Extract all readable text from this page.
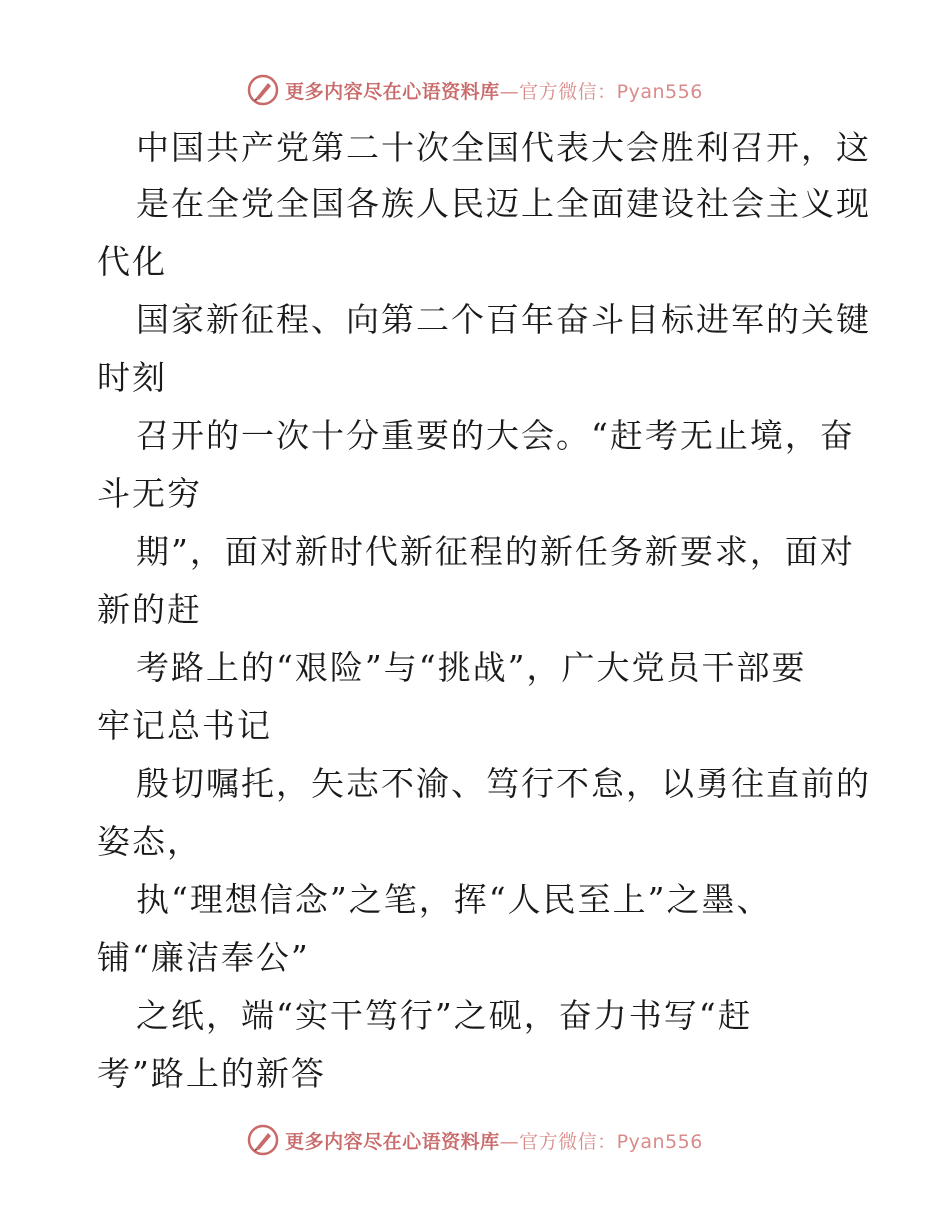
更多内容尽在心语资料库—官方微信：Pyan556
中国共产党第二十次全国代表大会胜利召开，这
是在全党全国各族人民迈上全面建设社会主义现
代化
国家新征程、向第二个百年奋斗目标进军的关键
时刻
召开的一次十分重要的大会。“赶考无止境，奋
斗无穷
期”，面对新时代新征程的新任务新要求，面对
新的赶
考路上的“艰险”与“挑战”，广大党员干部要
牢记总书记
殷切嘱托，矢志不渝、笃行不怠，以勇往直前的
姿态，
执“理想信念”之笔，挥“人民至上”之墨、
铺“廉洁奉公”
之纸，端“实干笃行”之砚，奋力书写“赶
考”路上的新答
更多内容尽在心语资料库—官方微信：Pyan556
